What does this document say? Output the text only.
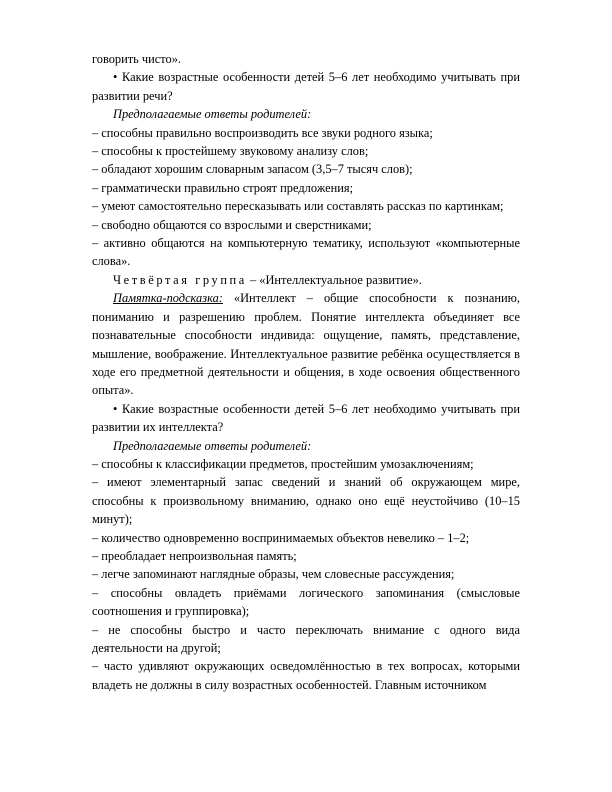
говорить чисто».

• Какие возрастные особенности детей 5–6 лет необходимо учитывать при развитии речи?

Предполагаемые ответы родителей:

– способны правильно воспроизводить все звуки родного языка;

– способны к простейшему звуковому анализу слов;

– обладают хорошим словарным запасом (3,5–7 тысяч слов);

– грамматически правильно строят предложения;

– умеют самостоятельно пересказывать или составлять рассказ по картинкам;

– свободно общаются со взрослыми и сверстниками;

– активно общаются на компьютерную тематику, используют «компьютерные слова».

Четвёртая группа – «Интеллектуальное развитие».

Памятка-подсказка: «Интеллект – общие способности к познанию, пониманию и разрешению проблем. Понятие интеллекта объединяет все познавательные способности индивида: ощущение, память, представление, мышление, воображение. Интеллектуальное развитие ребёнка осуществляется в ходе его предметной деятельности и общения, в ходе освоения общественного опыта».

• Какие возрастные особенности детей 5–6 лет необходимо учитывать при развитии их интеллекта?

Предполагаемые ответы родителей:

– способны к классификации предметов, простейшим умозаключениям;

– имеют элементарный запас сведений и знаний об окружающем мире, способны к произвольному вниманию, однако оно ещё неустойчиво (10–15 минут);

– количество одновременно воспринимаемых объектов невелико – 1–2;

– преобладает непроизвольная память;

– легче запоминают наглядные образы, чем словесные рассуждения;

– способны овладеть приёмами логического запоминания (смысловые соотношения и группировка);

– не способны быстро и часто переключать внимание с одного вида деятельности на другой;

– часто удивляют окружающих осведомлённостью в тех вопросах, которыми владеть не должны в силу возрастных особенностей. Главным источником
